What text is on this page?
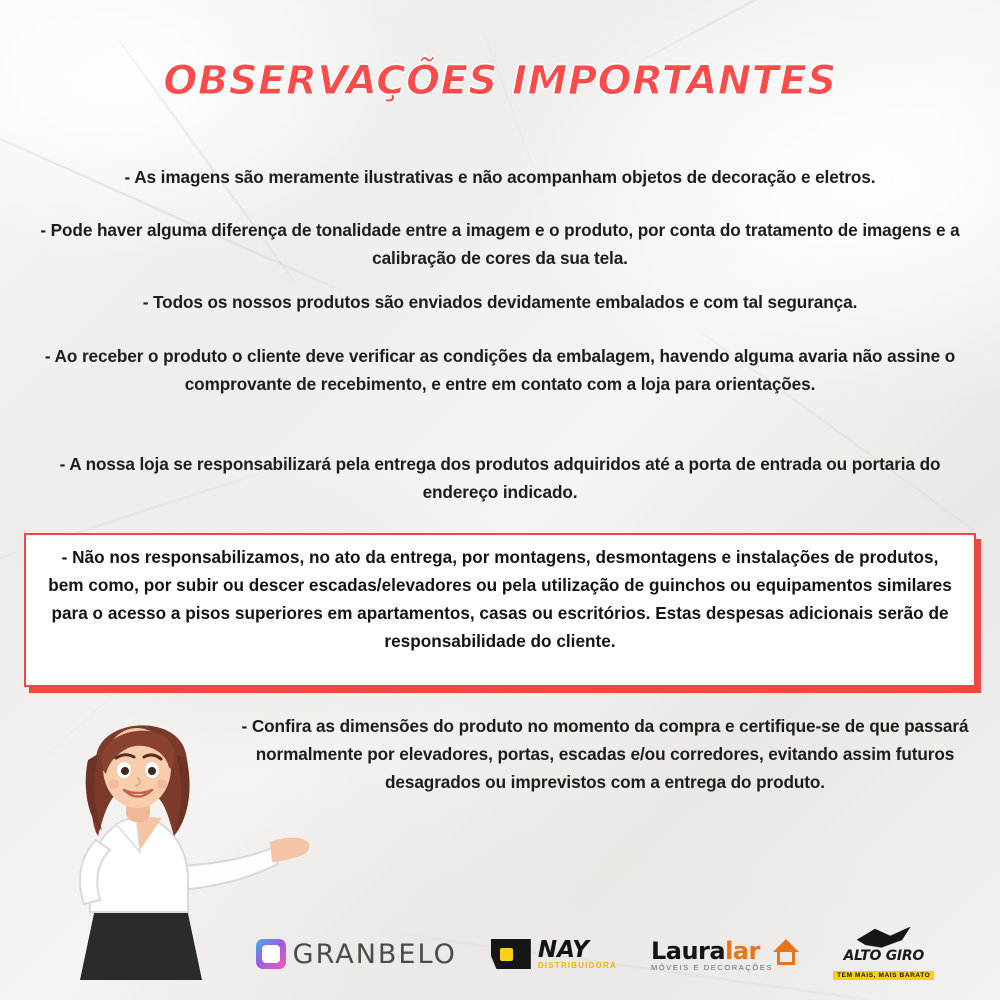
OBSERVAÇÕES IMPORTANTES
- As imagens são meramente ilustrativas e não acompanham objetos de decoração e eletros.
- Pode haver alguma diferença de tonalidade entre a imagem e o produto, por conta do tratamento de imagens e a calibração de cores da sua tela.
- Todos os nossos produtos são enviados devidamente embalados e com tal segurança.
- Ao receber o produto o cliente deve verificar as condições da embalagem, havendo alguma avaria não assine o comprovante de recebimento, e entre em contato com a loja para orientações.
- A nossa loja se responsabilizará pela entrega dos produtos adquiridos até a porta de entrada ou portaria do endereço indicado.
- Não nos responsabilizamos, no ato da entrega, por montagens, desmontagens e instalações de produtos, bem como, por subir ou descer escadas/elevadores ou pela utilização de guinchos ou equipamentos similares para o acesso a pisos superiores em apartamentos, casas ou escritórios. Estas despesas adicionais serão de responsabilidade do cliente.
- Confira as dimensões do produto no momento da compra e certifique-se de que passará normalmente por elevadores, portas, escadas e/ou corredores, evitando assim futuros desagrados ou imprevistos com a entrega do produto.
GRANBELO	NAY
DISTRIBUIDORA
Lauralar
MÓVEIS E DECORAÇÕES
ALTO GIRO
TEM MAIS, MAIS BARATO
